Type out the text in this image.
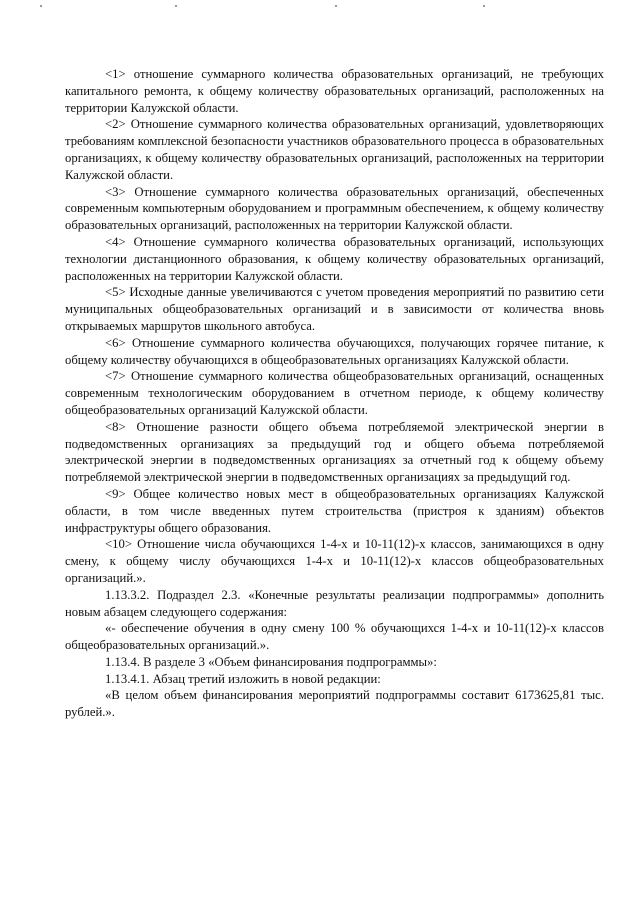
<1> отношение суммарного количества образовательных организаций, не требующих капитального ремонта, к общему количеству образовательных организаций, расположенных на территории Калужской области.

<2> Отношение суммарного количества образовательных организаций, удовлетворяющих требованиям комплексной безопасности участников образовательного процесса в образовательных организациях, к общему количеству образовательных организаций, расположенных на территории Калужской области.

<3> Отношение суммарного количества образовательных организаций, обеспеченных современным компьютерным оборудованием и программным обеспечением, к общему количеству образовательных организаций, расположенных на территории Калужской области.

<4> Отношение суммарного количества образовательных организаций, использующих технологии дистанционного образования, к общему количеству образовательных организаций, расположенных на территории Калужской области.

<5> Исходные данные увеличиваются с учетом проведения мероприятий по развитию сети муниципальных общеобразовательных организаций и в зависимости от количества вновь открываемых маршрутов школьного автобуса.

<6> Отношение суммарного количества обучающихся, получающих горячее питание, к общему количеству обучающихся в общеобразовательных организациях Калужской области.

<7> Отношение суммарного количества общеобразовательных организаций, оснащенных современным технологическим оборудованием в отчетном периоде, к общему количеству общеобразовательных организаций Калужской области.

<8> Отношение разности общего объема потребляемой электрической энергии в подведомственных организациях за предыдущий год и общего объема потребляемой электрической энергии в подведомственных организациях за отчетный год к общему объему потребляемой электрической энергии в подведомственных организациях за предыдущий год.

<9> Общее количество новых мест в общеобразовательных организациях Калужской области, в том числе введенных путем строительства (пристроя к зданиям) объектов инфраструктуры общего образования.

<10> Отношение числа обучающихся 1-4-х и 10-11(12)-х классов, занимающихся в одну смену, к общему числу обучающихся 1-4-х и 10-11(12)-х классов общеобразовательных организаций.».

1.13.3.2. Подраздел 2.3. «Конечные результаты реализации подпрограммы» дополнить новым абзацем следующего содержания:

«- обеспечение обучения в одну смену 100 % обучающихся 1-4-х и 10-11(12)-х классов общеобразовательных организаций.».

1.13.4. В разделе 3 «Объем финансирования подпрограммы»:

1.13.4.1. Абзац третий изложить в новой редакции:

«В целом объем финансирования мероприятий подпрограммы составит 6173625,81 тыс. рублей.».
